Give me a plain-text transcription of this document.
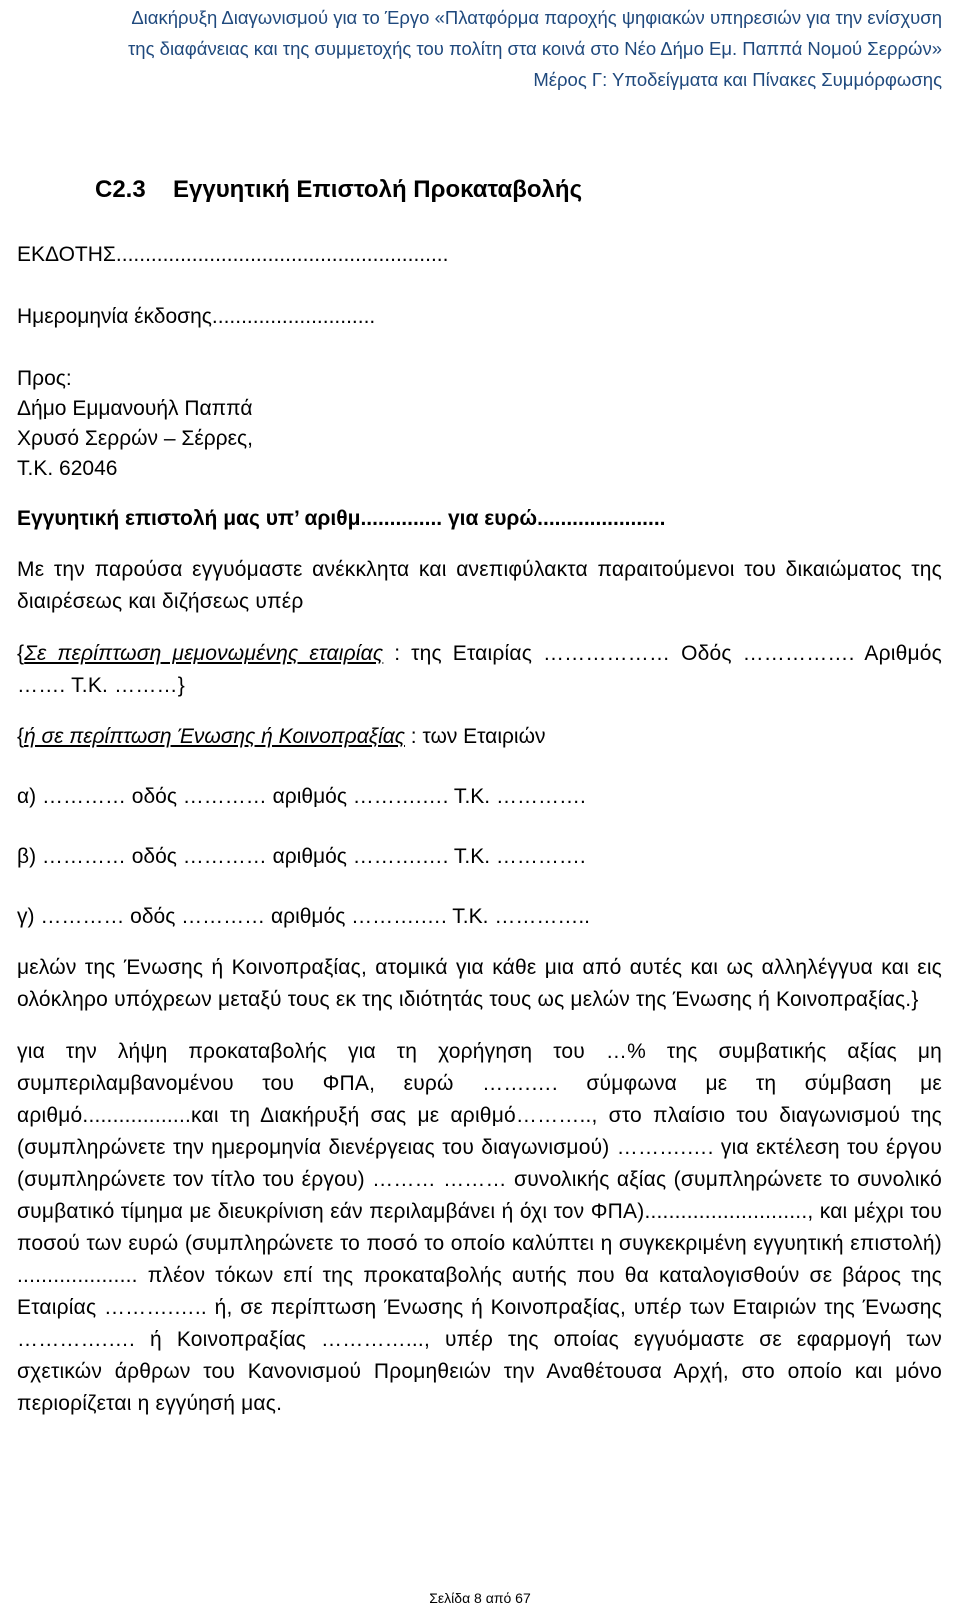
Διακήρυξη Διαγωνισμού για το Έργο «Πλατφόρμα παροχής ψηφιακών υπηρεσιών για την ενίσχυση
της διαφάνειας και της συμμετοχής του πολίτη στα κοινά στο Νέο Δήμο Εμ. Παππά Νομού Σερρών»
Μέρος Γ: Υποδείγματα και Πίνακες Συμμόρφωσης
C2.3 Εγγυητική Επιστολή Προκαταβολής

ΕΚΔΟΤΗΣ.........................................................

Ημερομηνία έκδοσης............................

Προς:

Δήμο Εμμανουήλ Παππά

Χρυσό Σερρών – Σέρρες,

Τ.Κ. 62046

Εγγυητική επιστολή μας υπ’ αριθμ.............. για ευρώ......................

Με την παρούσα εγγυόμαστε ανέκκλητα και ανεπιφύλακτα παραιτούμενοι του δικαιώματος της διαιρέσεως και διζήσεως υπέρ

{Σε περίπτωση μεμονωμένης εταιρίας : της Εταιρίας ……………… Οδός ……………. Αριθμός ……. Τ.Κ. ………}

{ή σε περίπτωση Ένωσης ή Κοινοπραξίας : των Εταιριών

α) ………… οδός ………… αριθμός ……….…. Τ.Κ. ………….

β) ………… οδός ………… αριθμός ……….…. Τ.Κ. ………….

γ) ………… οδός ………… αριθμός ……….…. Τ.Κ. …………..

μελών της Ένωσης ή Κοινοπραξίας, ατομικά για κάθε μια από αυτές και ως αλληλέγγυα και εις ολόκληρο υπόχρεων μεταξύ τους εκ της ιδιότητάς τους ως μελών της Ένωσης ή Κοινοπραξίας.}

για την λήψη προκαταβολής για τη χορήγηση του …% της συμβατικής αξίας μη συμπεριλαμβανομένου του ΦΠΑ, ευρώ …….…. σύμφωνα με τη σύμβαση με αριθμό..................και τη Διακήρυξή σας με αριθμό……….., στο πλαίσιο του διαγωνισμού της (συμπληρώνετε την ημερομηνία διενέργειας του διαγωνισμού) ……….…. για εκτέλεση του έργου (συμπληρώνετε τον τίτλο του έργου) ……… ……… συνολικής αξίας (συμπληρώνετε το συνολικό συμβατικό τίμημα με διευκρίνιση εάν περιλαμβάνει ή όχι τον ΦΠΑ)..........................., και μέχρι του ποσού των ευρώ (συμπληρώνετε το ποσό το οποίο καλύπτει η συγκεκριμένη εγγυητική επιστολή) .................... πλέον τόκων επί της προκαταβολής αυτής που θα καταλογισθούν σε βάρος της Εταιρίας ……….….. ή, σε περίπτωση Ένωσης ή Κοινοπραξίας, υπέρ των Εταιριών της Ένωσης ………….…. ή Κοινοπραξίας …………..., υπέρ της οποίας εγγυόμαστε σε εφαρμογή των σχετικών άρθρων του Κανονισμού Προμηθειών την Αναθέτουσα Αρχή, στο οποίο και μόνο περιορίζεται η εγγύησή μας.

Σελίδα 8 από 67
